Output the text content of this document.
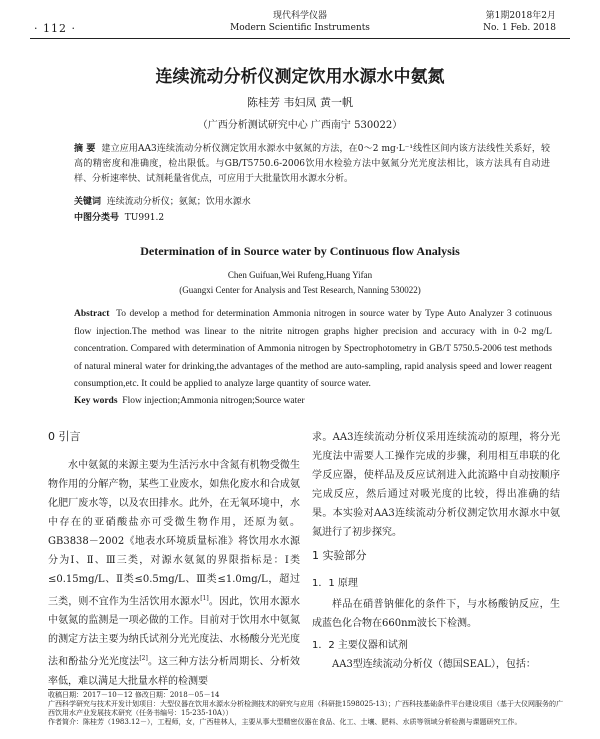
· 112 ·
现代科学仪器
Modern Scientific Instruments
第1期2018年2月
No. 1 Feb. 2018
连续流动分析仪测定饮用水源水中氨氮
陈桂芳 韦妇凤 黄一帆
（广西分析测试研究中心 广西南宁 530022）
摘 要 建立应用AA3连续流动分析仪测定饮用水源水中氨氮的方法，在0～2 mg·L⁻¹线性区间内该方法线性关系好，较高的精密度和准确度，检出限低。与GB/T5750.6-2006饮用水检验方法中氨氮分光光度法相比，该方法具有自动进样、分析速率快、试剂耗量省优点，可应用于大批量饮用水源水分析。
关键词 连续流动分析仪；氨氮；饮用水源水
中图分类号 TU991.2
Determination of in Source water by Continuous flow Analysis
Chen Guifuan,Wei Rufeng,Huang Yifan
(Guangxi Center for Analysis and Test Research, Nanning 530022)
Abstract To develop a method for determination Ammonia nitrogen in source water by Type Auto Analyzer 3 cotinuous flow injection.The method was linear to the nitrite nitrogen graphs higher precision and accuracy with in 0-2 mg/L concentration. Compared with determination of Ammonia nitrogen by Spectrophotometry in GB/T 5750.5-2006 test methods of natural mineral water for drinking,the advantages of the method are auto-sampling, rapid analysis speed and lower reagent consumption,etc. It could be applied to analyze large quantity of source water.
Key words Flow injection;Ammonia nitrogen;Source water
0 引言
水中氨氮的来源主要为生活污水中含氮有机物受微生物作用的分解产物，某些工业废水，如焦化废水和合成氨化肥厂废水等，以及农田排水。此外，在无氧环境中，水中存在的亚硝酸盐亦可受微生物作用，还原为氨。GB3838－2002《地表水环境质量标准》将饮用水水源分为Ⅰ、Ⅱ、Ⅲ三类，对源水氨氮的界限指标是：Ⅰ类≤0.15mg/L、Ⅱ类≤0.5mg/L、Ⅲ类≤1.0mg/L，超过三类，则不宜作为生活饮用水源水[1]。因此，饮用水源水中氨氮的监测是一项必做的工作。目前对于饮用水中氨氮的测定方法主要为纳氏试剂分光光度法、水杨酸分光光度法和酚盐分光光度法[2]。这三种方法分析周期长、分析效率低，难以满足大批量水样的检测要
求。AA3连续流动分析仪采用连续流动的原理，将分光光度法中需要人工操作完成的步骤，利用相互串联的化学反应器，使样品及反应试剂进入此流路中自动按顺序完成反应，然后通过对吸光度的比较，得出准确的结果。本实验对AA3连续流动分析仪测定饮用水源水中氨氮进行了初步探究。
1 实验部分
1．1 原理
样品在硝普钠催化的条件下，与水杨酸钠反应，生成蓝色化合物在660nm波长下检测。
1．2 主要仪器和试剂
AA3型连续流动分析仪（德国SEAL），包括：
收稿日期：2017－10－12 修改日期：2018－05－14
广西科学研究与技术开发计划项目：大型仪器在饮用水源水分析检测技术的研究与应用（科研批1598025-13）；广西科技基础条件平台建设项目（基于大仪网服务的广西饮用水产业发展技术研究（任务书编号：15-235-10A））
作者简介：陈桂芳（1983.12－），工程师，女，广西桂林人，主要从事大型精密仪器在食品、化工、土壤、肥料、水质等领域分析检测与课题研究工作。
